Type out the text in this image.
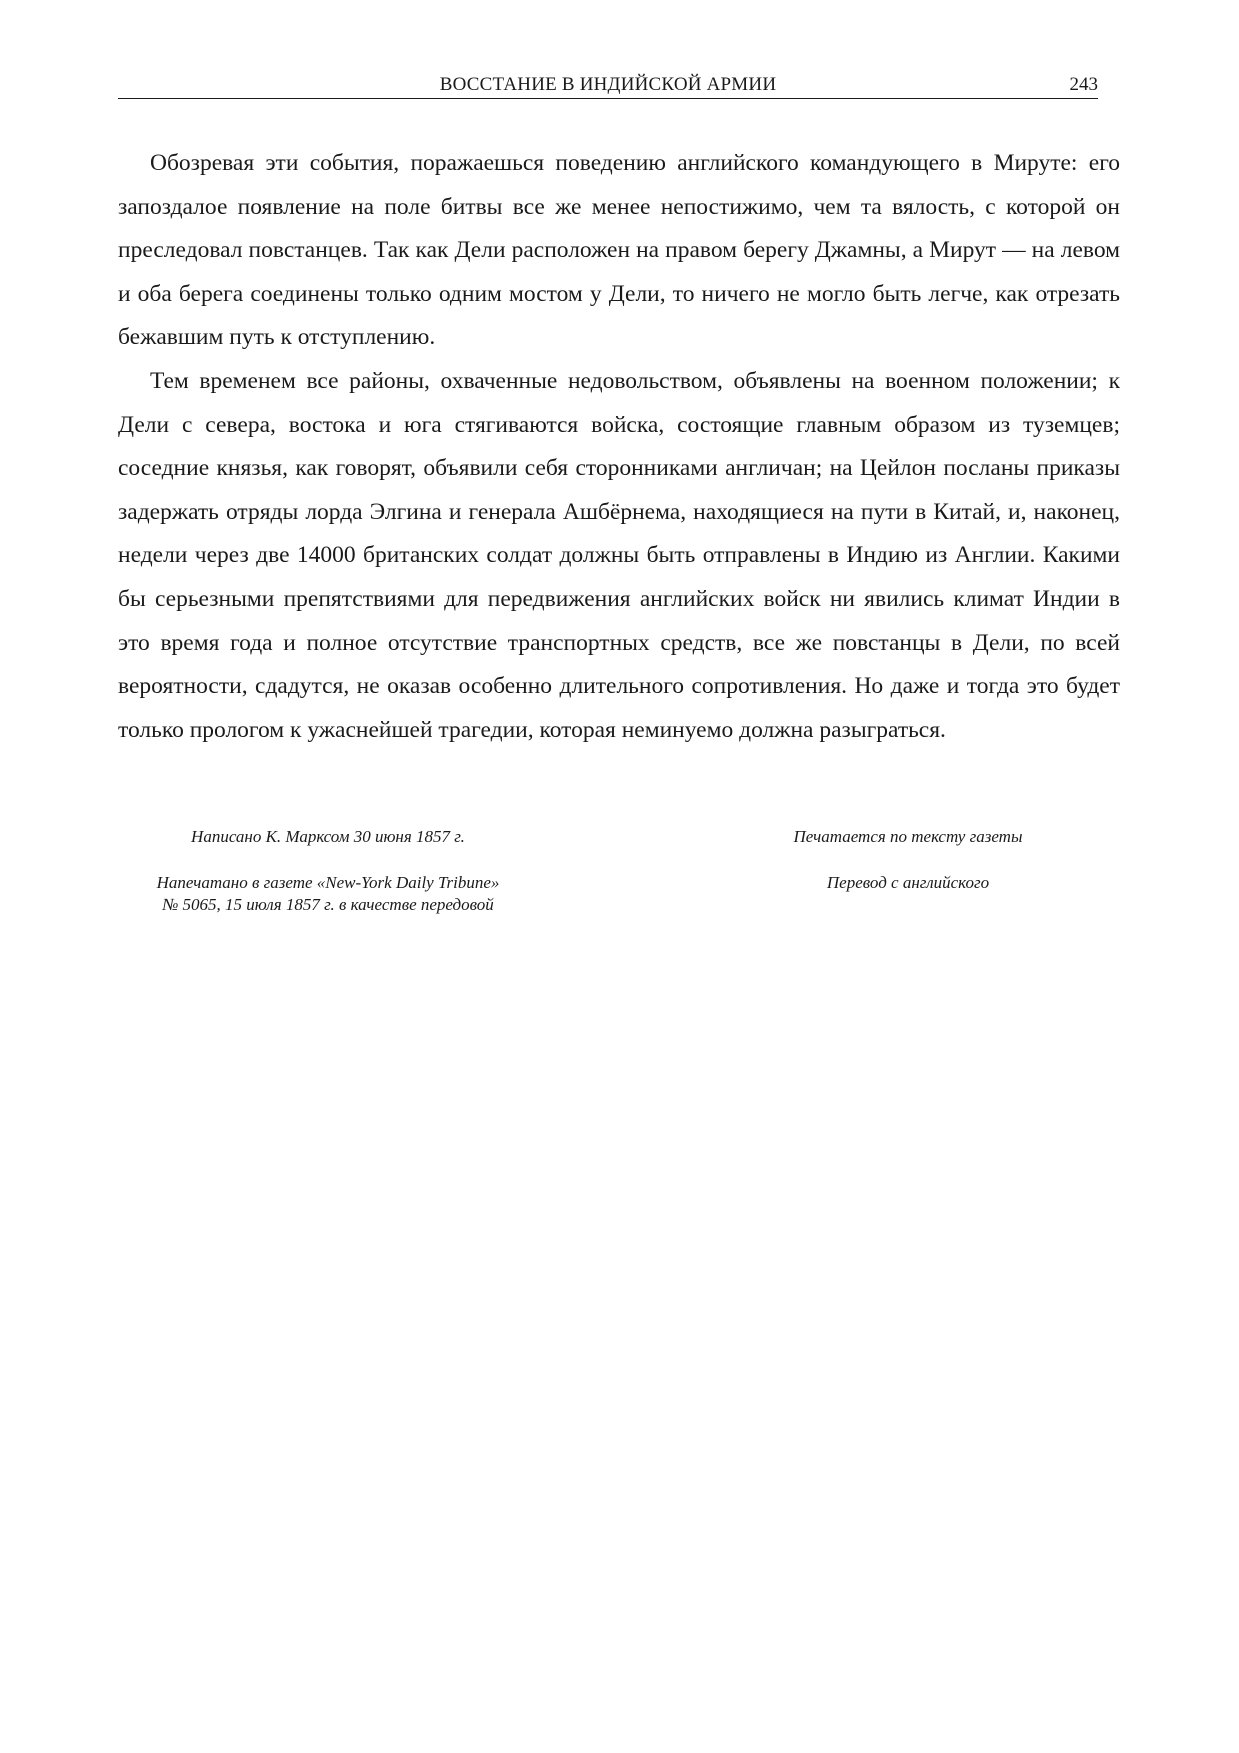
ВОССТАНИЕ В ИНДИЙСКОЙ АРМИИ	243

Обозревая эти события, поражаешься поведению английского командующего в Мируте: его запоздалое появление на поле битвы все же менее непостижимо, чем та вялость, с которой он преследовал повстанцев. Так как Дели расположен на правом берегу Джамны, а Мирут — на левом и оба берега соединены только одним мостом у Дели, то ничего не могло быть легче, как отрезать бежавшим путь к отступлению.

Тем временем все районы, охваченные недовольством, объявлены на военном положении; к Дели с севера, востока и юга стягиваются войска, состоящие главным образом из туземцев; соседние князья, как говорят, объявили себя сторонниками англичан; на Цейлон посланы приказы задержать отряды лорда Элгина и генерала Ашбёрнема, находящиеся на пути в Китай, и, наконец, недели через две 14000 британских солдат должны быть отправлены в Индию из Англии. Какими бы серьезными препятствиями для передвижения английских войск ни явились климат Индии в это время года и полное отсутствие транспортных средств, все же повстанцы в Дели, по всей вероятности, сдадутся, не оказав особенно длительного сопротивления. Но даже и тогда это будет только прологом к ужаснейшей трагедии, которая неминуемо должна разыграться.

Написано К. Марксом 30 июня 1857 г.
Напечатано в газете «New-York Daily Tribune»
№ 5065, 15 июля 1857 г. в качестве передовой
Печатается по тексту газеты
Перевод с английского
